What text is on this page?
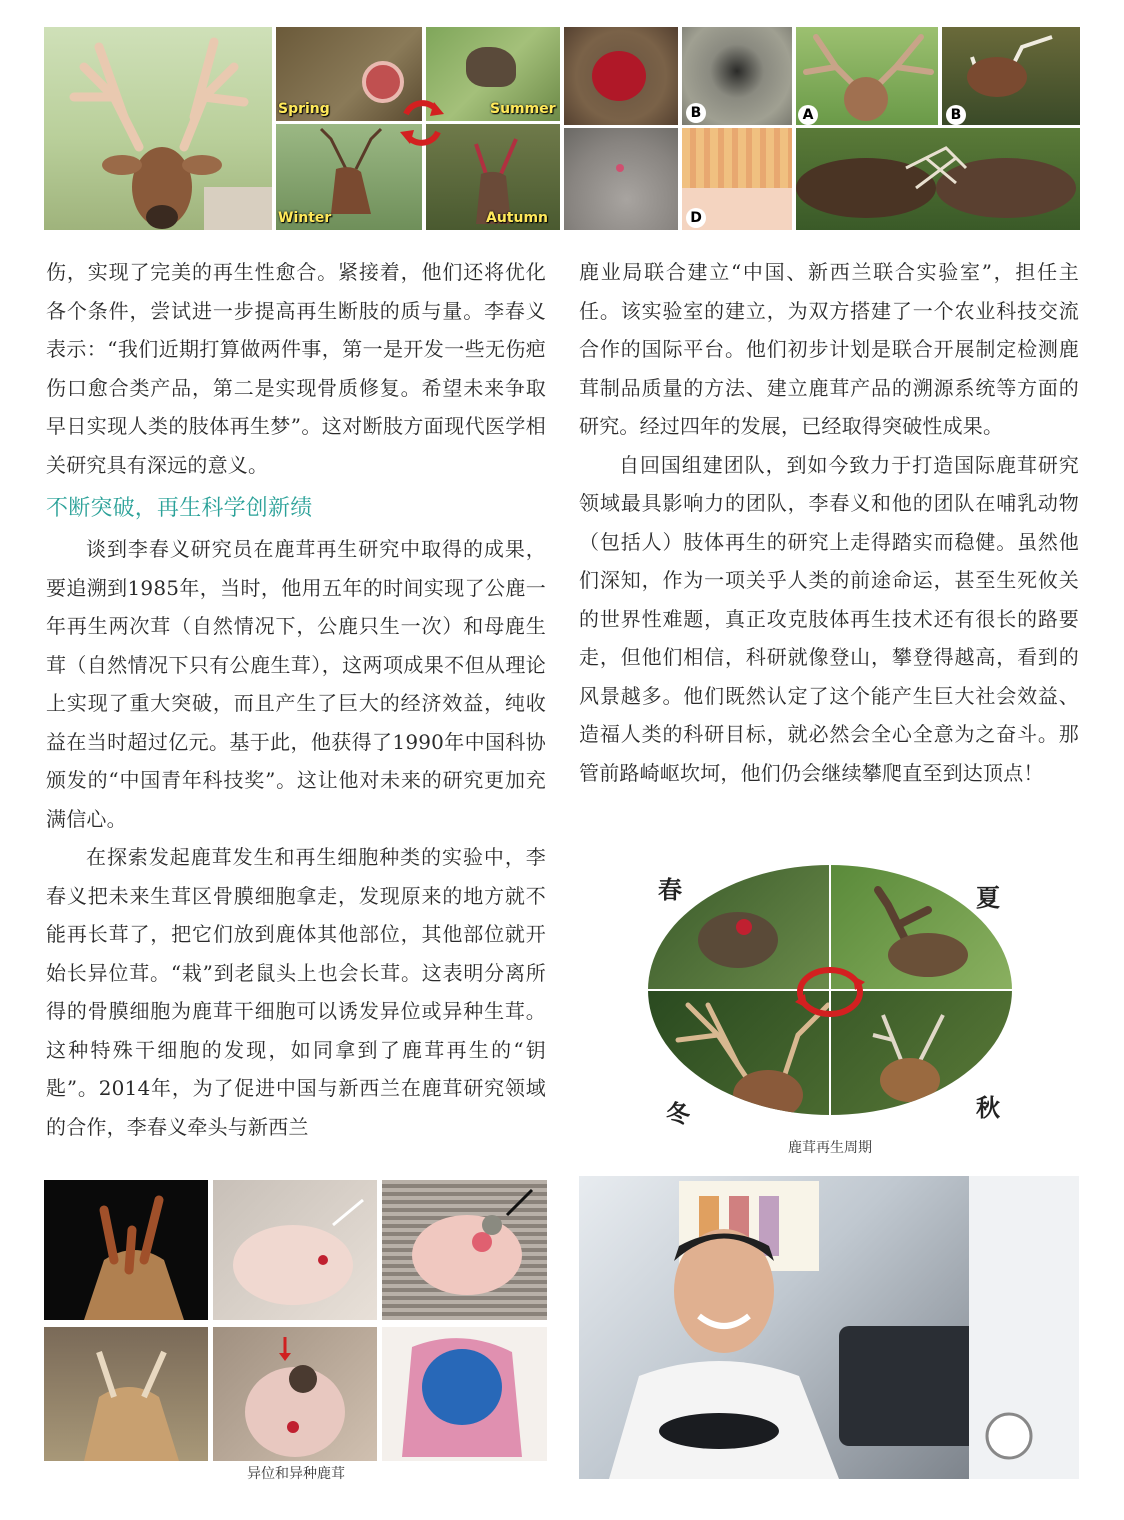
Spring	Summer
Winter	Autumn
B
D
A	B

伤，实现了完美的再生性愈合。紧接着，他们还将优化各个条件，尝试进一步提高再生断肢的质与量。李春义表示：“我们近期打算做两件事，第一是开发一些无伤疤伤口愈合类产品，第二是实现骨质修复。希望未来争取早日实现人类的肢体再生梦”。这对断肢方面现代医学相关研究具有深远的意义。

不断突破，再生科学创新绩

谈到李春义研究员在鹿茸再生研究中取得的成果，要追溯到1985年，当时，他用五年的时间实现了公鹿一年再生两次茸（自然情况下，公鹿只生一次）和母鹿生茸（自然情况下只有公鹿生茸），这两项成果不但从理论上实现了重大突破，而且产生了巨大的经济效益，纯收益在当时超过亿元。基于此，他获得了1990年中国科协颁发的“中国青年科技奖”。这让他对未来的研究更加充满信心。

在探索发起鹿茸发生和再生细胞种类的实验中，李春义把未来生茸区骨膜细胞拿走，发现原来的地方就不能再长茸了，把它们放到鹿体其他部位，其他部位就开始长异位茸。“栽”到老鼠头上也会长茸。这表明分离所得的骨膜细胞为鹿茸干细胞可以诱发异位或异种生茸。这种特殊干细胞的发现，如同拿到了鹿茸再生的“钥匙”。2014年，为了促进中国与新西兰在鹿茸研究领域的合作，李春义牵头与新西兰

鹿业局联合建立“中国、新西兰联合实验室”，担任主任。该实验室的建立，为双方搭建了一个农业科技交流合作的国际平台。他们初步计划是联合开展制定检测鹿茸制品质量的方法、建立鹿茸产品的溯源系统等方面的研究。经过四年的发展，已经取得突破性成果。

自回国组建团队，到如今致力于打造国际鹿茸研究领域最具影响力的团队，李春义和他的团队在哺乳动物（包括人）肢体再生的研究上走得踏实而稳健。虽然他们深知，作为一项关乎人类的前途命运，甚至生死攸关的世界性难题，真正攻克肢体再生技术还有很长的路要走，但他们相信，科研就像登山，攀登得越高，看到的风景越多。他们既然认定了这个能产生巨大社会效益、造福人类的科研目标，就必然会全心全意为之奋斗。那管前路崎岖坎坷，他们仍会继续攀爬直至到达顶点！

春	夏
冬	秋
鹿茸再生周期
异位和异种鹿茸
